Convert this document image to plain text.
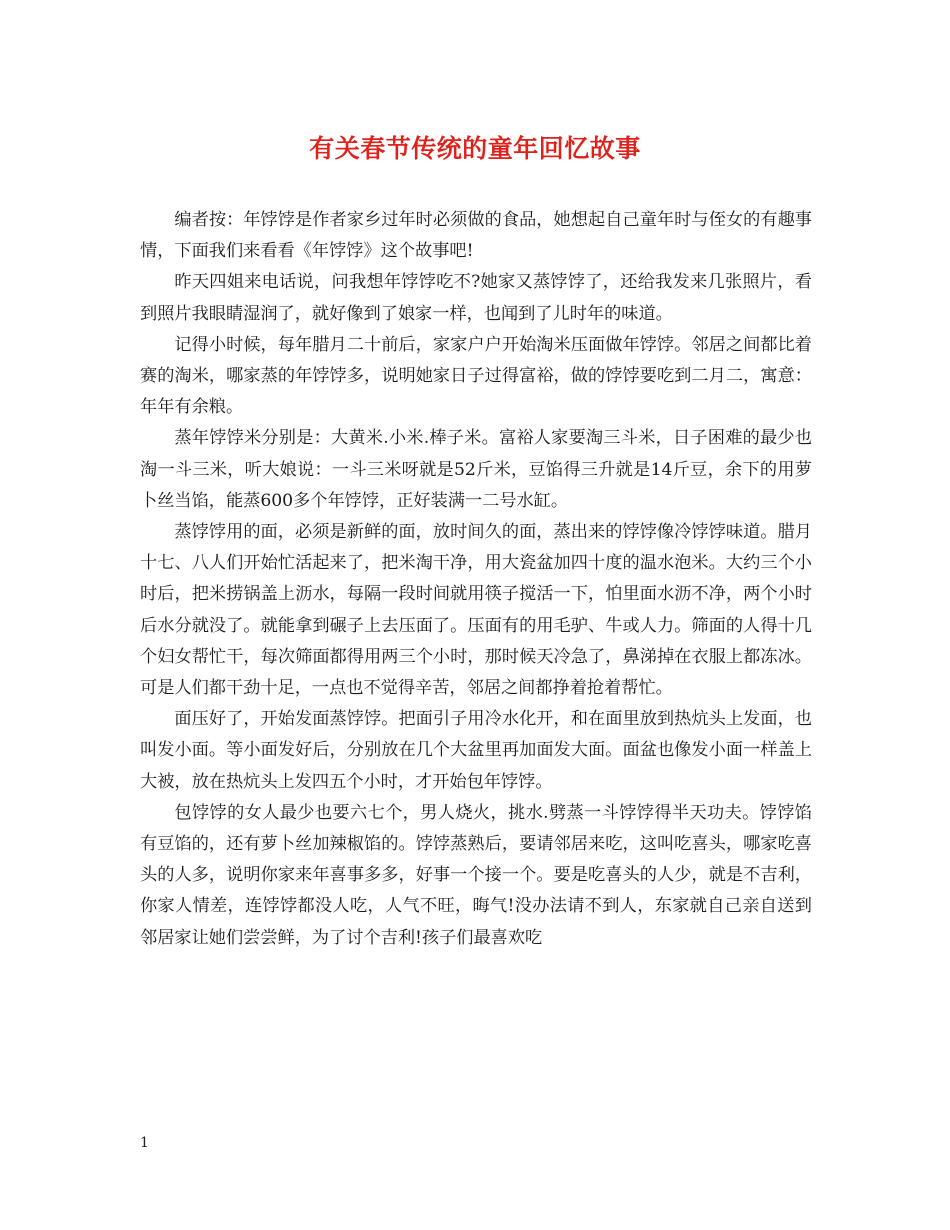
有关春节传统的童年回忆故事

编者按：年饽饽是作者家乡过年时必须做的食品，她想起自己童年时与侄女的有趣事情，下面我们来看看《年饽饽》这个故事吧!

昨天四姐来电话说，问我想年饽饽吃不?她家又蒸饽饽了，还给我发来几张照片，看到照片我眼睛湿润了，就好像到了娘家一样，也闻到了儿时年的味道。

记得小时候，每年腊月二十前后，家家户户开始淘米压面做年饽饽。邻居之间都比着赛的淘米，哪家蒸的年饽饽多，说明她家日子过得富裕，做的饽饽要吃到二月二，寓意：年年有余粮。

蒸年饽饽米分别是：大黄米.小米.棒子米。富裕人家要淘三斗米，日子困难的最少也淘一斗三米，听大娘说：一斗三米呀就是52斤米，豆馅得三升就是14斤豆，余下的用萝卜丝当馅，能蒸600多个年饽饽，正好装满一二号水缸。

蒸饽饽用的面，必须是新鲜的面，放时间久的面，蒸出来的饽饽像冷饽饽味道。腊月十七、八人们开始忙活起来了，把米淘干净，用大瓷盆加四十度的温水泡米。大约三个小时后，把米捞锅盖上沥水，每隔一段时间就用筷子搅活一下，怕里面水沥不净，两个小时后水分就没了。就能拿到碾子上去压面了。压面有的用毛驴、牛或人力。筛面的人得十几个妇女帮忙干，每次筛面都得用两三个小时，那时候天冷急了，鼻涕掉在衣服上都冻冰。可是人们都干劲十足，一点也不觉得辛苦，邻居之间都挣着抢着帮忙。

面压好了，开始发面蒸饽饽。把面引子用冷水化开，和在面里放到热炕头上发面，也叫发小面。等小面发好后，分别放在几个大盆里再加面发大面。面盆也像发小面一样盖上大被，放在热炕头上发四五个小时，才开始包年饽饽。

包饽饽的女人最少也要六七个，男人烧火，挑水.劈蒸一斗饽饽得半天功夫。饽饽馅有豆馅的，还有萝卜丝加辣椒馅的。饽饽蒸熟后，要请邻居来吃，这叫吃喜头，哪家吃喜头的人多，说明你家来年喜事多多，好事一个接一个。要是吃喜头的人少，就是不吉利，你家人情差，连饽饽都没人吃，人气不旺，晦气!没办法请不到人，东家就自己亲自送到邻居家让她们尝尝鲜，为了讨个吉利!孩子们最喜欢吃

1
